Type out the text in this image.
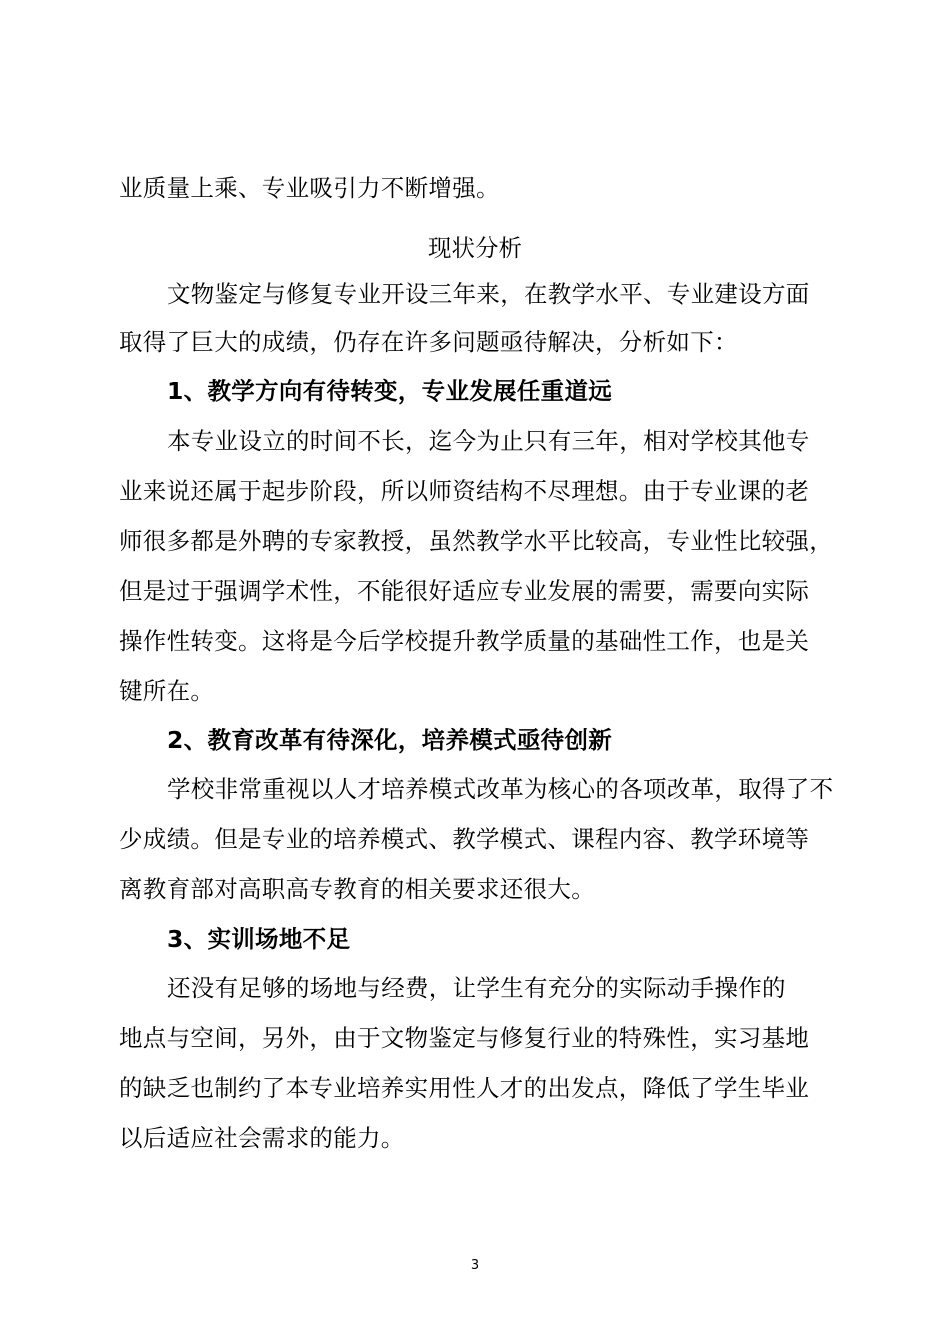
业质量上乘、专业吸引力不断增强。
现状分析
文物鉴定与修复专业开设三年来，在教学水平、专业建设方面
取得了巨大的成绩，仍存在许多问题亟待解决，分析如下：
1、教学方向有待转变，专业发展任重道远
本专业设立的时间不长，迄今为止只有三年，相对学校其他专
业来说还属于起步阶段，所以师资结构不尽理想。由于专业课的老
师很多都是外聘的专家教授，虽然教学水平比较高，专业性比较强，
但是过于强调学术性，不能很好适应专业发展的需要，需要向实际
操作性转变。这将是今后学校提升教学质量的基础性工作，也是关
键所在。
2、教育改革有待深化，培养模式亟待创新
学校非常重视以人才培养模式改革为核心的各项改革，取得了不
少成绩。但是专业的培养模式、教学模式、课程内容、教学环境等
离教育部对高职高专教育的相关要求还很大。
3、实训场地不足
还没有足够的场地与经费，让学生有充分的实际动手操作的
地点与空间，另外，由于文物鉴定与修复行业的特殊性，实习基地
的缺乏也制约了本专业培养实用性人才的出发点，降低了学生毕业
以后适应社会需求的能力。
3
